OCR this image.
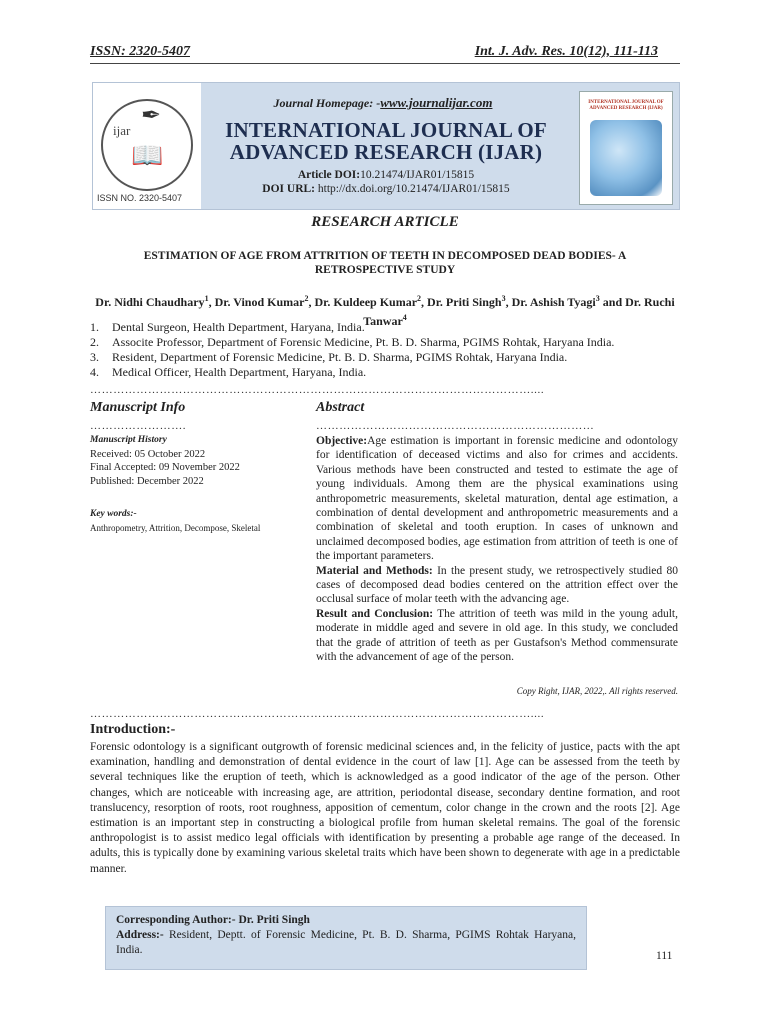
ISSN: 2320-5407	Int. J. Adv. Res. 10(12), 111-113
✒
ijar
📖
ISSN NO. 2320-5407
Journal Homepage: -www.journalijar.com
INTERNATIONAL JOURNAL OF
ADVANCED RESEARCH (IJAR)
Article DOI:10.21474/IJAR01/15815
DOI URL: http://dx.doi.org/10.21474/IJAR01/15815
INTERNATIONAL JOURNAL OF ADVANCED RESEARCH (IJAR)
RESEARCH ARTICLE
ESTIMATION OF AGE FROM ATTRITION OF TEETH IN DECOMPOSED DEAD BODIES- A RETROSPECTIVE STUDY
Dr. Nidhi Chaudhary$^1$, Dr. Vinod Kumar$^2$, Dr. Kuldeep Kumar$^2$, Dr. Priti Singh$^3$, Dr. Ashish Tyagi$^3$ and Dr. Ruchi Tanwar$^4$
1.	Dental Surgeon, Health Department, Haryana, India.
2.	Associte Professor, Department of Forensic Medicine, Pt. B. D. Sharma, PGIMS Rohtak, Haryana India.
3.	Resident, Department of Forensic Medicine, Pt. B. D. Sharma, PGIMS Rohtak, Haryana India.
4.	Medical Officer, Health Department, Haryana, India.
……………………………………………………………………………………………………....
Manuscript Info	Abstract
…………………….	………………………………………………………………
Manuscript History
Received: 05 October 2022
Final Accepted: 09 November 2022
Published: December 2022
Key words:-
Anthropometry, Attrition, Decompose, Skeletal
Objective:Age estimation is important in forensic medicine and odontology for identification of deceased victims and also for crimes and accidents. Various methods have been constructed and tested to estimate the age of young individuals. Among them are the physical examinations using anthropometric measurements, skeletal maturation, dental age estimation, a combination of dental development and anthropometric measurements and a combination of skeletal and tooth eruption. In cases of unknown and unclaimed decomposed bodies, age estimation from attrition of teeth is one of the important parameters.
Material and Methods: In the present study, we retrospectively studied 80 cases of decomposed dead bodies centered on the attrition effect over the occlusal surface of molar teeth with the advancing age.
Result and Conclusion: The attrition of teeth was mild in the young adult, moderate in middle aged and severe in old age. In this study, we concluded that the grade of attrition of teeth as per Gustafson's Method commensurate with the advancement of age of the person.
Copy Right, IJAR, 2022,. All rights reserved.
……………………………………………………………………………………………………....
Introduction:-
Forensic odontology is a significant outgrowth of forensic medicinal sciences and, in the felicity of justice, pacts with the apt examination, handling and demonstration of dental evidence in the court of law [1]. Age can be assessed from the teeth by several techniques like the eruption of teeth, which is acknowledged as a good indicator of the age of the person. Other changes, which are noticeable with increasing age, are attrition, periodontal disease, secondary dentine formation, and root translucency, resorption of roots, root roughness, apposition of cementum, color change in the crown and the roots [2]. Age estimation is an important step in constructing a biological profile from human skeletal remains. The goal of the forensic anthropologist is to assist medico legal officials with identification by presenting a probable age range of the deceased. In adults, this is typically done by examining various skeletal traits which have been shown to degenerate with age in a predictable manner.
Corresponding Author:- Dr. Priti Singh
Address:- Resident, Deptt. of Forensic Medicine, Pt. B. D. Sharma, PGIMS Rohtak Haryana, India.	111
